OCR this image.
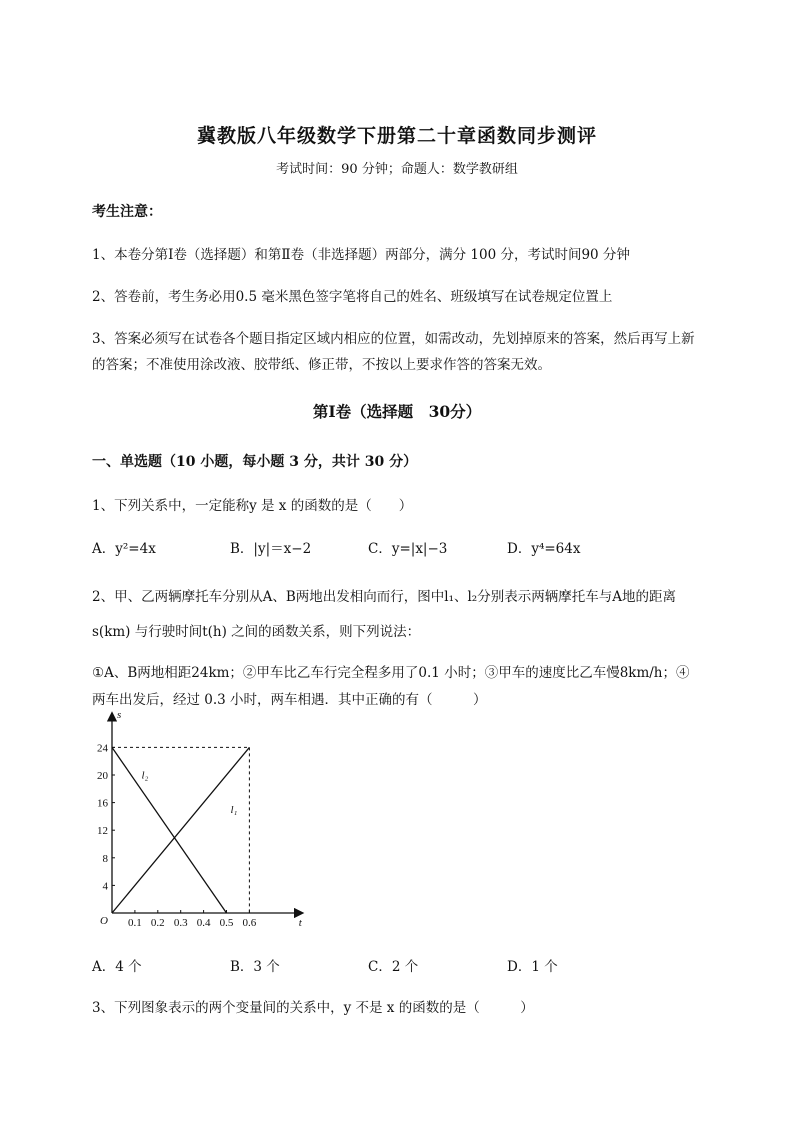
冀教版八年级数学下册第二十章函数同步测评
考试时间：90 分钟；命题人：数学教研组
考生注意：
1、本卷分第Ⅰ卷（选择题）和第Ⅱ卷（非选择题）两部分，满分 100 分，考试时间90 分钟
2、答卷前，考生务必用0.5 毫米黑色签字笔将自己的姓名、班级填写在试卷规定位置上
3、答案必须写在试卷各个题目指定区域内相应的位置，如需改动，先划掉原来的答案，然后再写上新
的答案；不准使用涂改液、胶带纸、修正带，不按以上要求作答的答案无效。
第Ⅰ卷（选择题　30分）
一、单选题（10 小题，每小题 3 分，共计 30 分）
1、下列关系中，一定能称y 是 x 的函数的是（　　）
A．y²=4x	B．|y|＝x−2	C．y=|x|−3	D．y⁴=64x
2、甲、乙两辆摩托车分别从A、B两地出发相向而行，图中l₁、l₂分别表示两辆摩托车与A地的距离
s(km) 与行驶时间t(h) 之间的函数关系，则下列说法：
①A、B两地相距24km；②甲车比乙车行完全程多用了0.1 小时；③甲车的速度比乙车慢8km/h；④
两车出发后，经过 0.3 小时，两车相遇．其中正确的有（　　　）
0.1 0.2 0.3 0.4 0.5 0.6
4
8
12
16
20
24
O	t
s
l₁
l₂
A．4 个	B．3 个	C．2 个	D．1 个
3、下列图象表示的两个变量间的关系中，y 不是 x 的函数的是（　　　）
